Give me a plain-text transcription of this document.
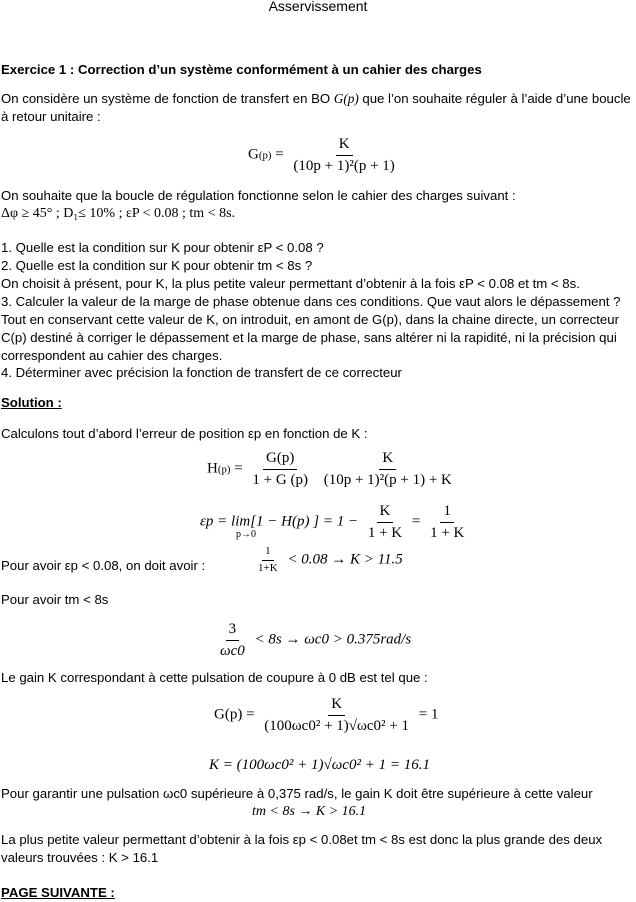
Asservissement
Exercice 1 : Correction d’un système conformément à un cahier des charges
On considère un système de fonction de transfert en BO G(p) que l’on souhaite réguler à l’aide d’une boucle à retour unitaire :
$G(p) = \frac{K}{\text{(10p + 1)²(p + 1)}}$
On souhaite que la boucle de régulation fonctionne selon le cahier des charges suivant :
Δφ ≥ 45° ; D₁≤ 10% ; εP < 0.08 ; tm < 8s.
1. Quelle est la condition sur K pour obtenir εP < 0.08 ?
2. Quelle est la condition sur K pour obtenir tm < 8s ?
On choisit à présent, pour K, la plus petite valeur permettant d’obtenir à la fois εP < 0.08 et tm < 8s.
3. Calculer la valeur de la marge de phase obtenue dans ces conditions. Que vaut alors le dépassement ?
Tout en conservant cette valeur de K, on introduit, en amont de G(p), dans la chaine directe, un correcteur C(p) destiné à corriger le dépassement et la marge de phase, sans altérer ni la rapidité, ni la précision qui correspondent au cahier des charges.
4. Déterminer avec précision la fonction de transfert de ce correcteur
Solution :
Calculons tout d’abord l’erreur de position εp en fonction de K :
$H(p) = \frac{G(p)}{1 + G (p)}$
$\frac{K}{\text{(10p + 1)²(p + 1) + K}}$
εp = lim[1 − H(p) ] = $1 - \frac{K}{1 + K} = \frac{1}{1 + K}$
p→0
Pour avoir εp < 0.08, on doit avoir :	$\frac{1}{1+K} < 0.08 \to K > 11.5$
Pour avoir tm < 8s
$\frac{3}{\omega c0} < 8s \to \omega c0 > 0.375rad/s$
Le gain K correspondant à cette pulsation de coupure à 0 dB est tel que :
$G(p) = \frac{K}{\text{(100ωc0² + 1)√ωc0² + 1}} = 1$
K = (100ωc0² + 1)√ωc0² + 1 = 16.1
Pour garantir une pulsation ωc0 supérieure à 0,375 rad/s, le gain K doit être supérieure à cette valeur
tm < 8s → K > 16.1
La plus petite valeur permettant d’obtenir à la fois εp < 0.08et tm < 8s est donc la plus grande des deux valeurs trouvées : K > 16.1
PAGE SUIVANTE :
